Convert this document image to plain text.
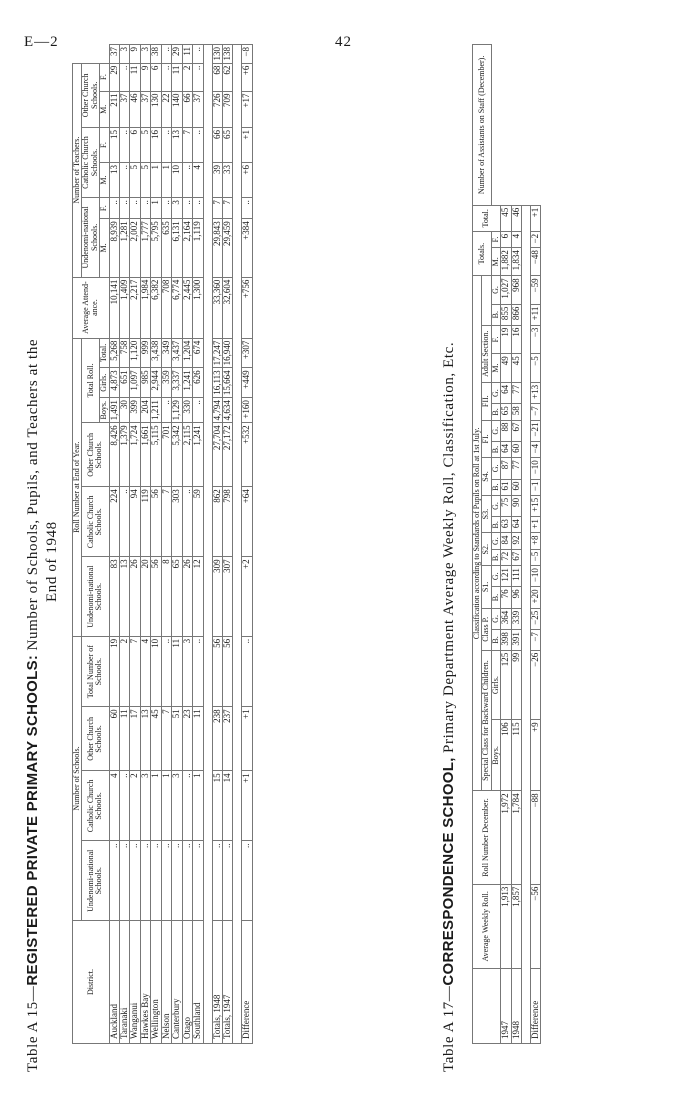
E—2	42
Table A 15—REGISTERED PRIVATE PRIMARY SCHOOLS: Number of Schools, Pupils, and Teachers at the End of 1948
District.	Number of Schools.				Roll Number at End of Year.						Average Attend-ance.	Number of Teachers.						
	Undenomi-national Schools.	Catholic Church Schools.	Other Church Schools.	Total Number of Schools.	Undenomi-national Schools.	Catholic Church Schools.	Other Church Schools.	Total Roll.				Undenomi-national Schools.		Catholic Church Schools.		Other Church Schools.		
								Boys.	Girls.	Total.		M.	F.	M.	F.	M.	F.	
Auckland	..	4	60	19	83	224	8,426	1,491	4,873	5,268	10,141	8,939	..	13	15	211	29	37
Taranaki	..	..	11	2	13	..	1,379	30	651	758	1,409	1,281	..	..	..	37	..	3
Wanganui	..	2	17	7	26	94	1,724	399	1,097	1,120	2,217	2,002	..	5	6	46	11	9
Hawkes Bay	..	3	13	4	20	119	1,661	204	985	999	1,984	1,777	..	5	5	37	9	3
Wellington	..	1	45	10	56	56	5,115	1,211	2,944	3,438	6,382	5,795	1	1	16	130	6	38
Nelson	..	1	7	..	8	7	701	..	359	349	708	635	..	1	..	22	..	..
Canterbury	..	3	51	11	65	303	5,342	1,129	3,337	3,437	6,774	6,131	3	10	13	140	11	29
Otago	..	..	23	3	26	..	2,115	330	1,241	1,204	2,445	2,164	..	..	7	66	2	11
Southland	..	1	11	..	12	59	1,241	..	626	674	1,300	1,119	..	4	..	37	..	..

Totals, 1948	..	15	238	56	309	862	27,704	4,794	16,113	17,247	33,360	29,843	7	39	66	726	68	130
Totals, 1947	..	14	237	56	307	798	27,172	4,634	15,664	16,940	32,604	29,459	7	33	65	709	62	138

Difference	..	+1	+1	..	+2	+64	+532	+160	+449	+307	+756	+384	..	+6	+1	+17	+6	−8
Table A 17—CORRESPONDENCE SCHOOL, Primary Department Average Weekly Roll, Classification, Etc.
	Average Weekly Roll.	Roll Number December.	Classification according to Standards of Pupils on Roll at 1st July.																				Totals.		Total.	Number of Assistants on Staff (December).
			Special Class for Backward Children.		Class P.		S1.		S2.		S3.		S4.		FI.		FII.		Adult Section.							
			Boys.	Girls.	B.	G.	B.	G.	B.	G.	B.	G.	B.	G.	B.	G.	B.	G.	M.	F.	B.	G.	M.	F.		
1947	1,913	1,972	106	125	398	364	76	121	72	84	63	75	61	87	64	88	65	64	49	19	855	1,027	1,882	6	45	
1948	1,857	1,784	115	99	391	339	96	111	67	92	64	90	60	77	60	67	58	77	45	16	866	968	1,834	4	46	

Difference	−56	−88	+9	−26	−7	−25	+20	−10	−5	+8	+1	+15	−1	−10	−4	−21	−7	+13	−5	−3	+11	−59	−48	−2	+1	
